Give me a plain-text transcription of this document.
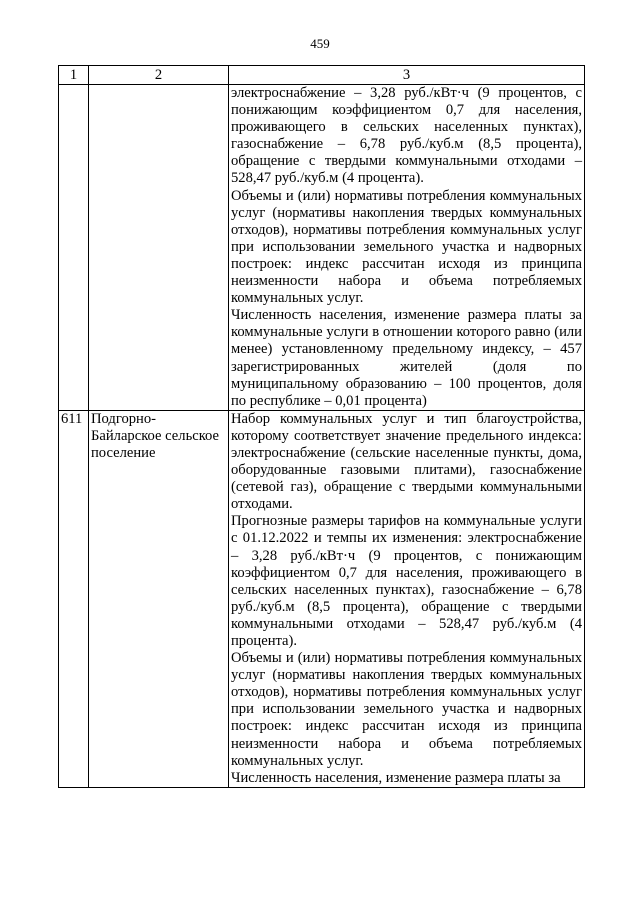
459
1	2	3

		электроснабжение – 3,28 руб./кВт·ч (9 процентов, с понижающим коэффициентом 0,7 для населения, проживающего в сельских населенных пунктах), газоснабжение – 6,78 руб./куб.м (8,5 процента), обращение с твердыми коммунальными отходами – 528,47 руб./куб.м (4 процента).

Объемы и (или) нормативы потребления коммунальных услуг (нормативы накопления твердых коммунальных отходов), нормативы потребления коммунальных услуг при использовании земельного участка и надворных построек: индекс рассчитан исходя из принципа неизменности набора и объема потребляемых коммунальных услуг.

Численность населения, изменение размера платы за коммунальные услуги в отношении которого равно (или менее) установленному предельному индексу, – 457 зарегистрированных жителей (доля по муниципальному образованию – 100 процентов, доля по республике – 0,01 процента)

611	Подгорно-Байларское сельское поселение	Набор коммунальных услуг и тип благоустройства, которому соответствует значение предельного индекса: электроснабжение (сельские населенные пункты, дома, оборудованные газовыми плитами), газоснабжение (сетевой газ), обращение с твердыми коммунальными отходами.

Прогнозные размеры тарифов на коммунальные услуги с 01.12.2022 и темпы их изменения: электроснабжение – 3,28 руб./кВт·ч (9 процентов, с понижающим коэффициентом 0,7 для населения, проживающего в сельских населенных пунктах), газоснабжение – 6,78 руб./куб.м (8,5 процента), обращение с твердыми коммунальными отходами – 528,47 руб./куб.м (4 процента).

Объемы и (или) нормативы потребления коммунальных услуг (нормативы накопления твердых коммунальных отходов), нормативы потребления коммунальных услуг при использовании земельного участка и надворных построек: индекс рассчитан исходя из принципа неизменности набора и объема потребляемых коммунальных услуг.

Численность населения, изменение размера платы за
